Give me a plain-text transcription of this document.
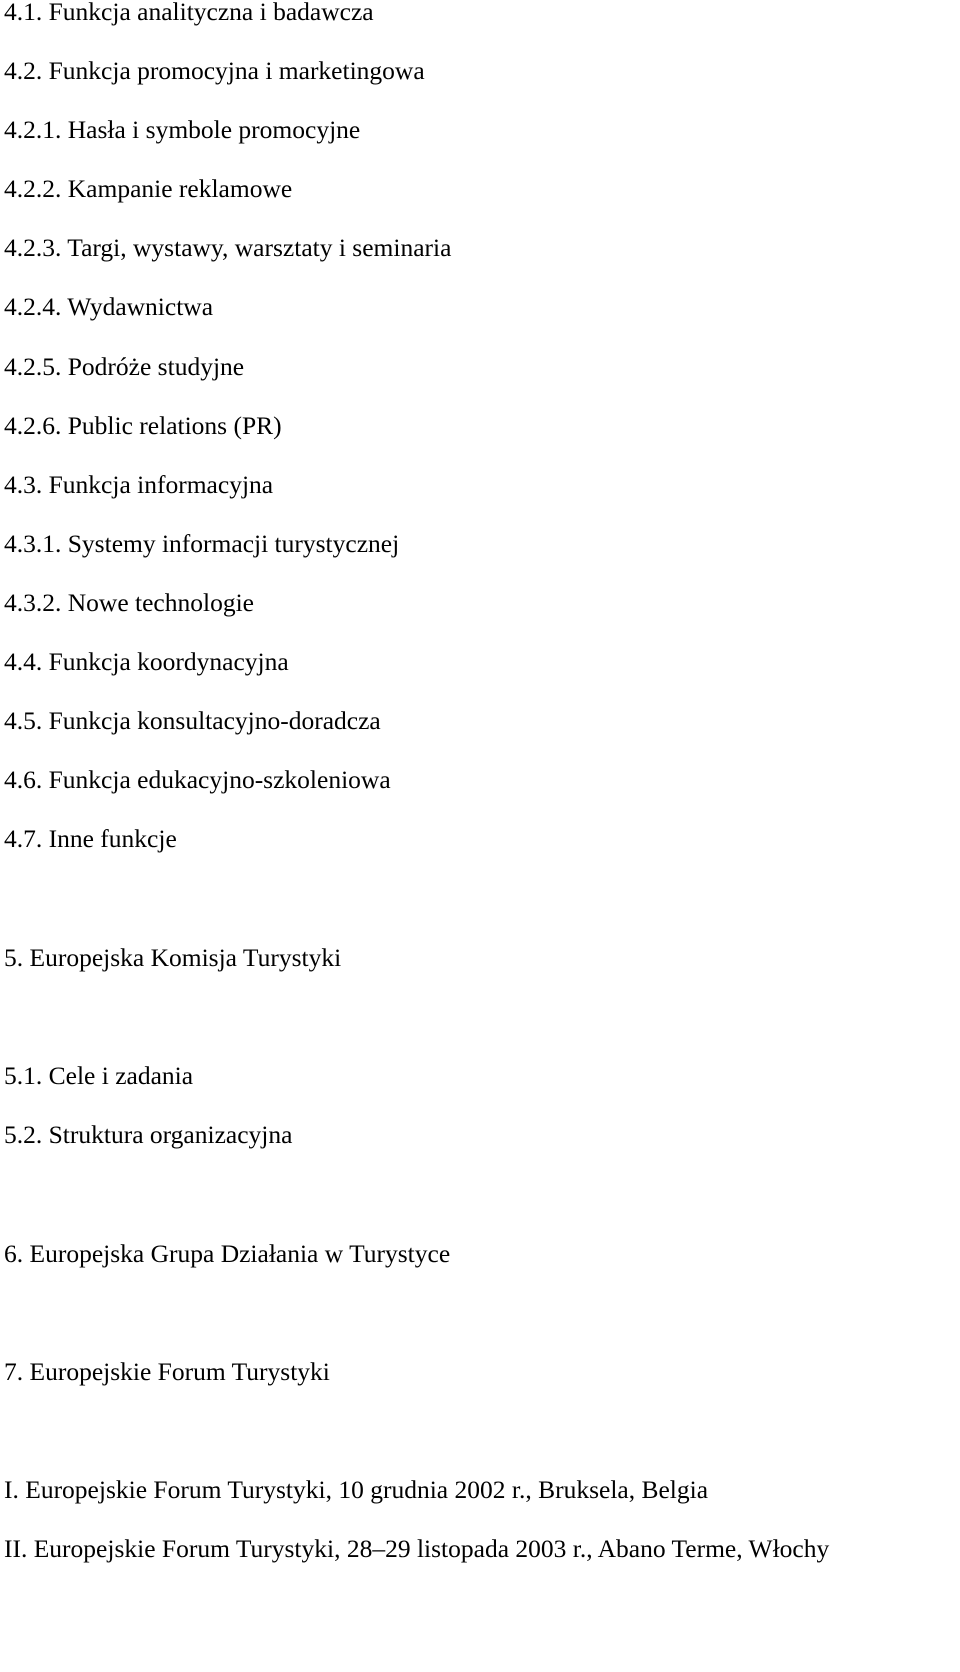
4.1. Funkcja analityczna i badawcza

4.2. Funkcja promocyjna i marketingowa

4.2.1. Hasła i symbole promocyjne

4.2.2. Kampanie reklamowe

4.2.3. Targi, wystawy, warsztaty i seminaria

4.2.4. Wydawnictwa

4.2.5. Podróże studyjne

4.2.6. Public relations (PR)

4.3. Funkcja informacyjna

4.3.1. Systemy informacji turystycznej

4.3.2. Nowe technologie

4.4. Funkcja koordynacyjna

4.5. Funkcja konsultacyjno-doradcza

4.6. Funkcja edukacyjno-szkoleniowa

4.7. Inne funkcje

5. Europejska Komisja Turystyki

5.1. Cele i zadania

5.2. Struktura organizacyjna

6. Europejska Grupa Działania w Turystyce

7. Europejskie Forum Turystyki

I. Europejskie Forum Turystyki, 10 grudnia 2002 r., Bruksela, Belgia

II. Europejskie Forum Turystyki, 28–29 listopada 2003 r., Abano Terme, Włochy
